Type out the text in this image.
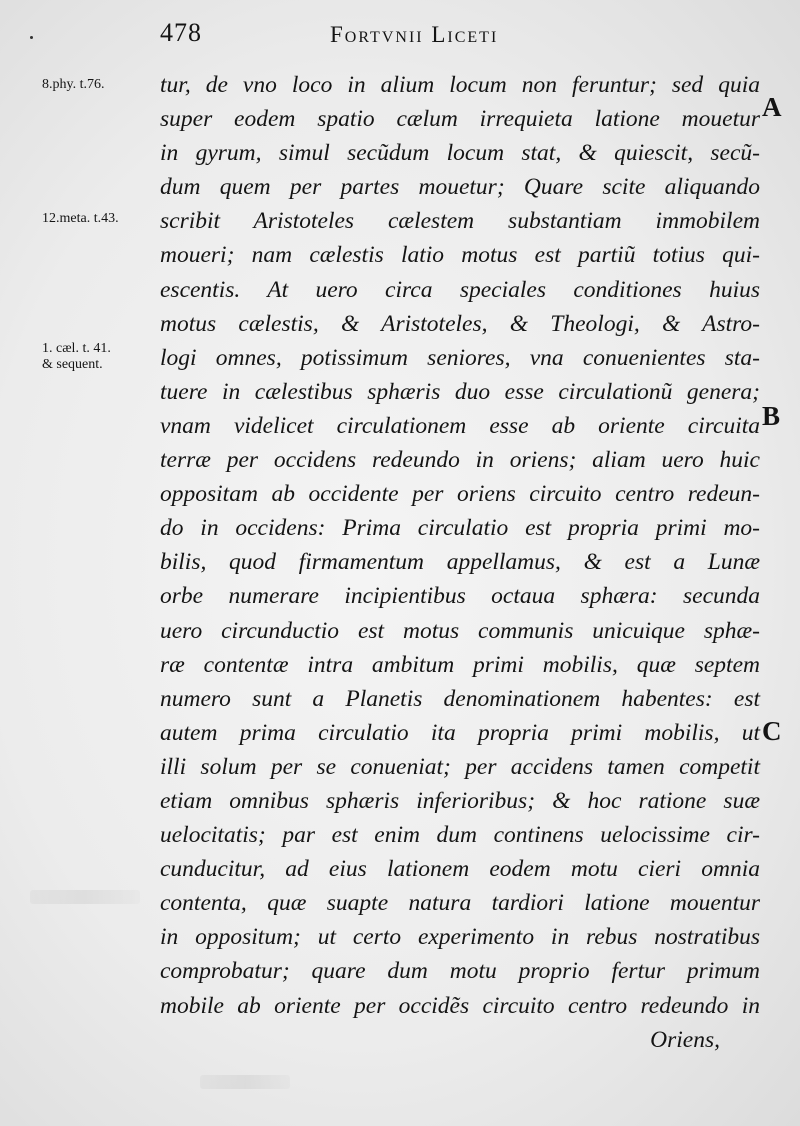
478	Fortvnii Liceti
8.phy. t.76.
12.meta. t.43.
1. cæl. t. 41.
& sequent.
A
B
C
tur, de vno loco in alium locum non feruntur; sed quia
super eodem spatio cælum irrequieta latione mouetur
in gyrum, simul secũdum locum stat, & quiescit, secũ-
dum quem per partes mouetur; Quare scite aliquando
scribit Aristoteles cælestem substantiam immobilem
moueri; nam cælestis latio motus est partiũ totius qui-
escentis. At uero circa speciales conditiones huius
motus cælestis, & Aristoteles, & Theologi, & Astro-
logi omnes, potissimum seniores, vna conuenientes sta-
tuere in cælestibus sphæris duo esse circulationũ genera;
vnam videlicet circulationem esse ab oriente circuita
terræ per occidens redeundo in oriens; aliam uero huic
oppositam ab occidente per oriens circuito centro redeun-
do in occidens: Prima circulatio est propria primi mo-
bilis, quod firmamentum appellamus, & est a Lunæ
orbe numerare incipientibus octaua sphæra: secunda
uero circunductio est motus communis unicuique sphæ-
ræ contentæ intra ambitum primi mobilis, quæ septem
numero sunt a Planetis denominationem habentes: est
autem prima circulatio ita propria primi mobilis, ut
illi solum per se conueniat; per accidens tamen competit
etiam omnibus sphæris inferioribus; & hoc ratione suæ
uelocitatis; par est enim dum continens uelocissime cir-
cunducitur, ad eius lationem eodem motu cieri omnia
contenta, quæ suapte natura tardiori latione mouentur
in oppositum; ut certo experimento in rebus nostratibus
comprobatur; quare dum motu proprio fertur primum
mobile ab oriente per occidẽs circuito centro redeundo in
Oriens,
